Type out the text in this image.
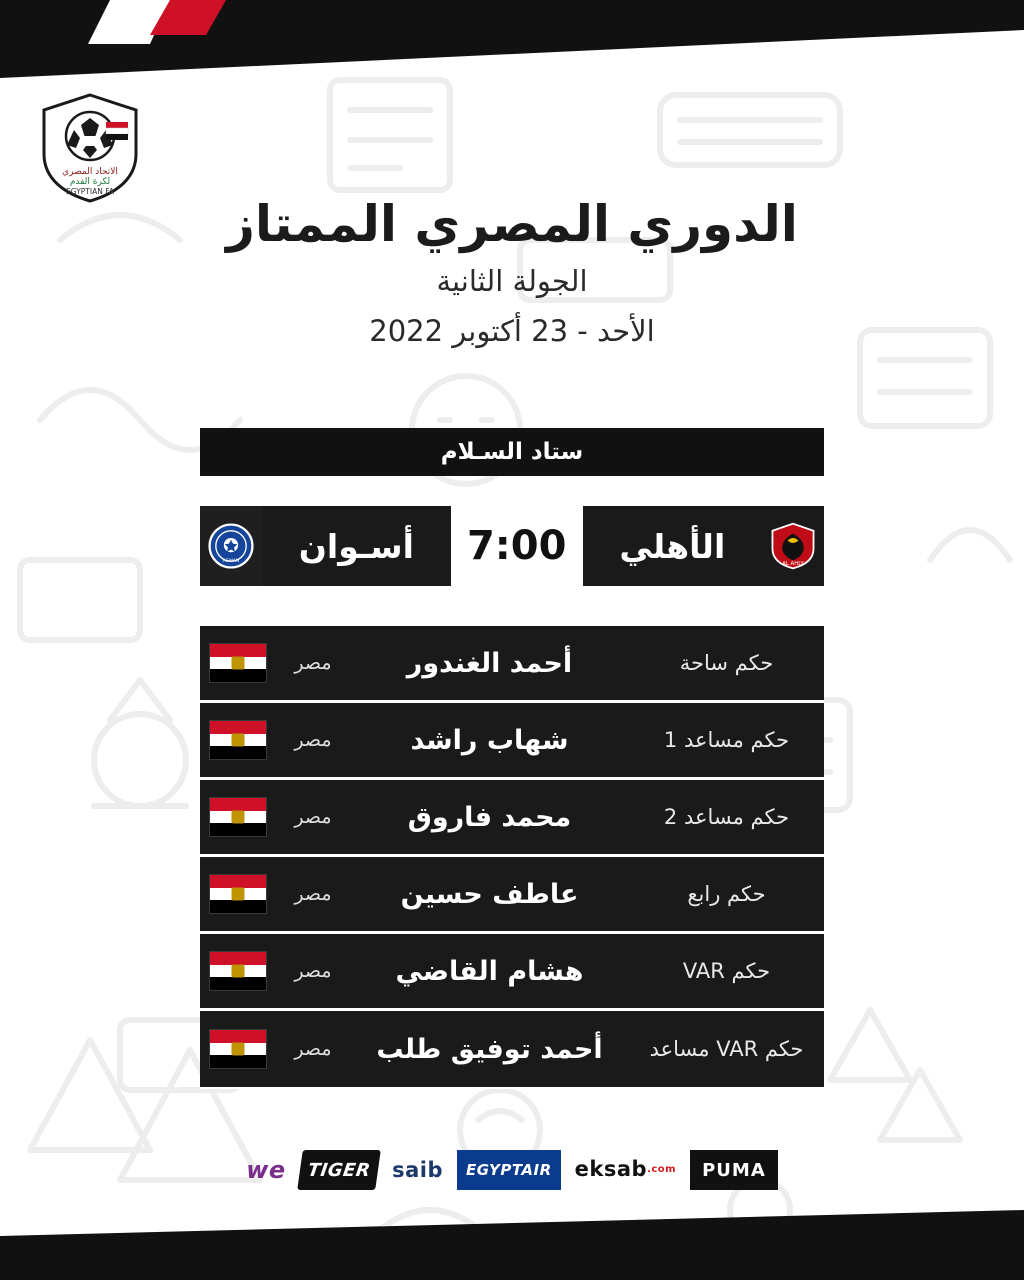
الاتحاد المصري
لكرة القدم
EGYPTIAN FA
الدوري المصري الممتاز
الجولة الثانية
الأحد - 23 أكتوبر 2022
ستاد السـلام
AL AHLY
الأهلي
7:00
أسـوان
ASWAN
حكم ساحة
أحمد الغندور
مصر
حكم مساعد 1
شهاب راشد
مصر
حكم مساعد 2
محمد فاروق
مصر
حكم رابع
عاطف حسين
مصر
حكم VAR
هشام القاضي
مصر
حكم VAR مساعد
أحمد توفيق طلب
مصر
we	TIGER saib	EGYPTAIR	eksab .com	PUMA
